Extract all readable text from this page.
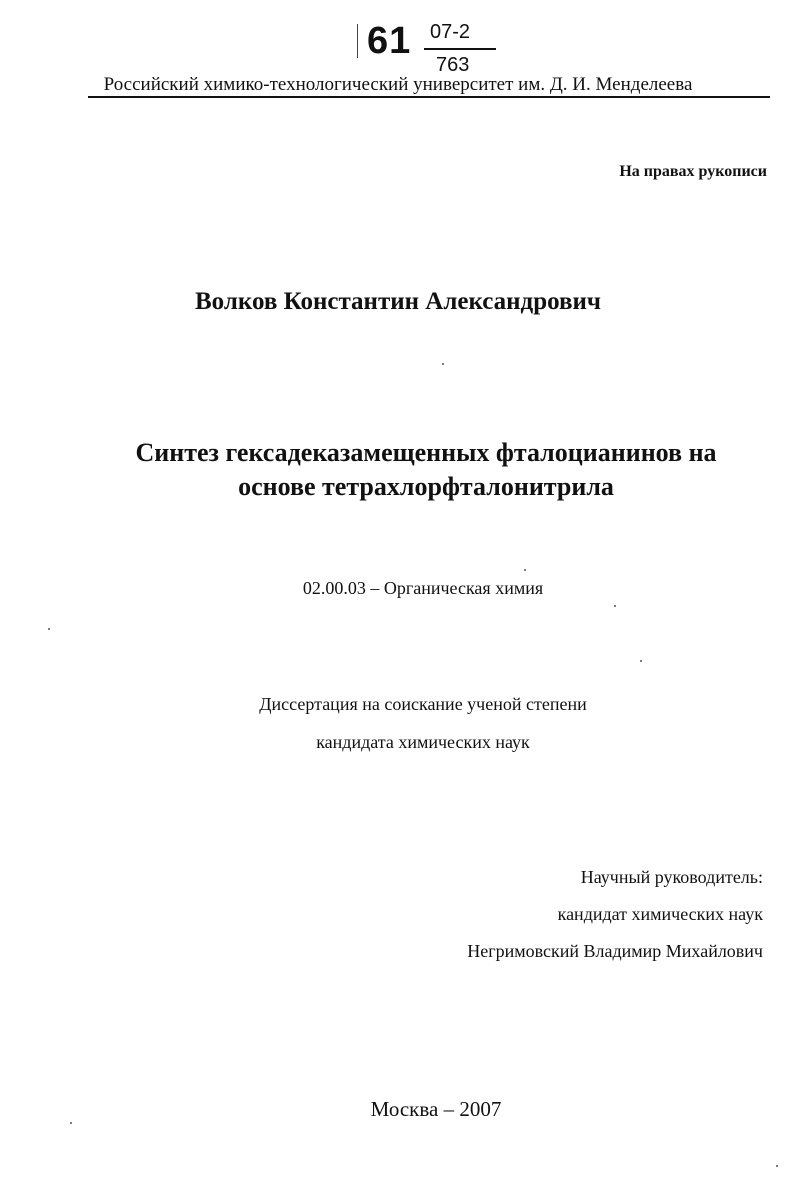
61 07-2
763
Российский химико-технологический университет им. Д. И. Менделеева
На правах рукописи
Волков Константин Александрович
Синтез гексадеказамещенных фталоцианинов на
основе тетрахлорфталонитрила
02.00.03 – Органическая химия
Диссертация на соискание ученой степени
кандидата химических наук
Научный руководитель:
кандидат химических наук
Негримовский Владимир Михайлович
Москва – 2007
